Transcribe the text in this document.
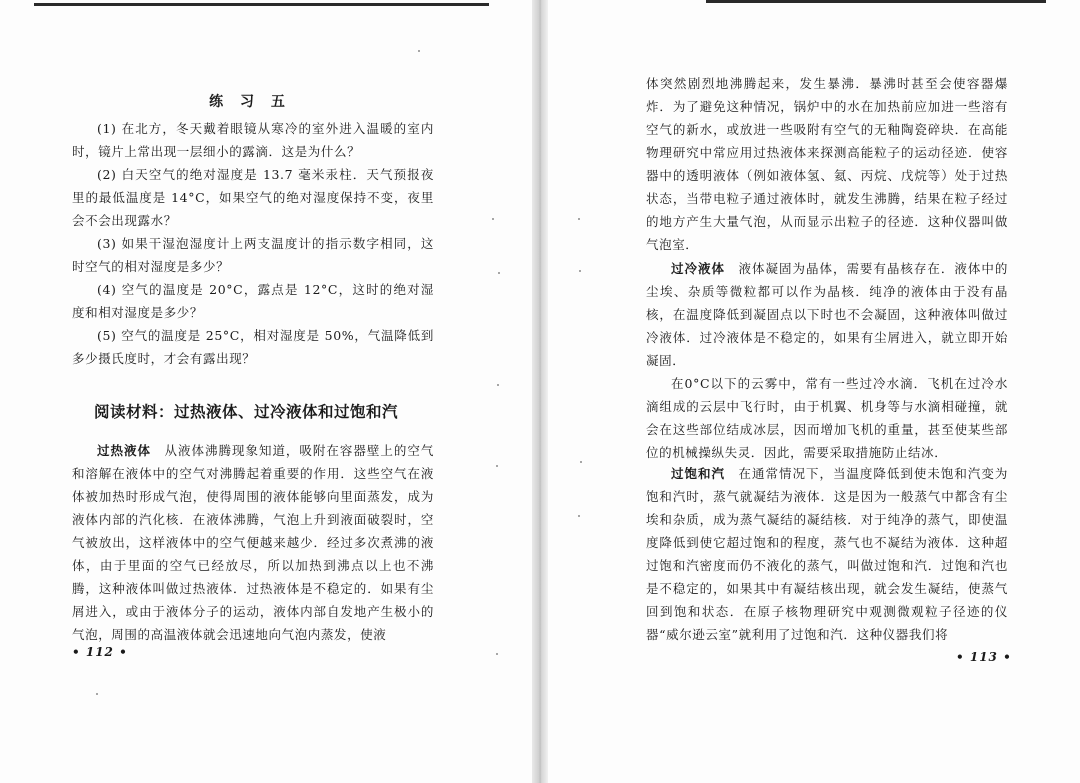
练 习 五

(1) 在北方，冬天戴着眼镜从寒冷的室外进入温暖的室内时，镜片上常出现一层细小的露滴．这是为什么？

(2) 白天空气的绝对湿度是 13.7 毫米汞柱．天气预报夜里的最低温度是 14°C，如果空气的绝对湿度保持不变，夜里会不会出现露水？

(3) 如果干湿泡湿度计上两支温度计的指示数字相同，这时空气的相对湿度是多少？

(4) 空气的温度是 20°C，露点是 12°C，这时的绝对湿度和相对湿度是多少？

(5) 空气的温度是 25°C，相对湿度是 50%，气温降低到多少摄氏度时，才会有露出现？

阅读材料：过热液体、过冷液体和过饱和汽

过热液体　 从液体沸腾现象知道，吸附在容器壁上的空气和溶解在液体中的空气对沸腾起着重要的作用．这些空气在液体被加热时形成气泡，使得周围的液体能够向里面蒸发，成为液体内部的汽化核．在液体沸腾，气泡上升到液面破裂时，空气被放出，这样液体中的空气便越来越少．经过多次煮沸的液体，由于里面的空气已经放尽，所以加热到沸点以上也不沸腾，这种液体叫做过热液体．过热液体是不稳定的．如果有尘屑进入，或由于液体分子的运动，液体内部自发地产生极小的气泡，周围的高温液体就会迅速地向气泡内蒸发，使液

• 112 •

体突然剧烈地沸腾起来，发生暴沸．暴沸时甚至会使容器爆炸．为了避免这种情况，锅炉中的水在加热前应加进一些溶有空气的新水，或放进一些吸附有空气的无釉陶瓷碎块．在高能物理研究中常应用过热液体来探测高能粒子的运动径迹．使容器中的透明液体（例如液体氢、氦、丙烷、戊烷等）处于过热状态，当带电粒子通过液体时，就发生沸腾，结果在粒子经过的地方产生大量气泡，从而显示出粒子的径迹．这种仪器叫做气泡室．

过冷液体　 液体凝固为晶体，需要有晶核存在．液体中的尘埃、杂质等微粒都可以作为晶核．纯净的液体由于没有晶核，在温度降低到凝固点以下时也不会凝固，这种液体叫做过冷液体．过冷液体是不稳定的，如果有尘屑进入，就立即开始凝固．

在0°C以下的云雾中，常有一些过冷水滴．飞机在过冷水滴组成的云层中飞行时，由于机翼、机身等与水滴相碰撞，就会在这些部位结成冰层，因而增加飞机的重量，甚至使某些部位的机械操纵失灵．因此，需要采取措施防止结冰．

过饱和汽　 在通常情况下，当温度降低到使未饱和汽变为饱和汽时，蒸气就凝结为液体．这是因为一般蒸气中都含有尘埃和杂质，成为蒸气凝结的凝结核．对于纯净的蒸气，即使温度降低到使它超过饱和的程度，蒸气也不凝结为液体．这种超过饱和汽密度而仍不液化的蒸气，叫做过饱和汽．过饱和汽也是不稳定的，如果其中有凝结核出现，就会发生凝结，使蒸气回到饱和状态．在原子核物理研究中观测微观粒子径迹的仪器“威尔逊云室”就利用了过饱和汽．这种仪器我们将

• 113 •
